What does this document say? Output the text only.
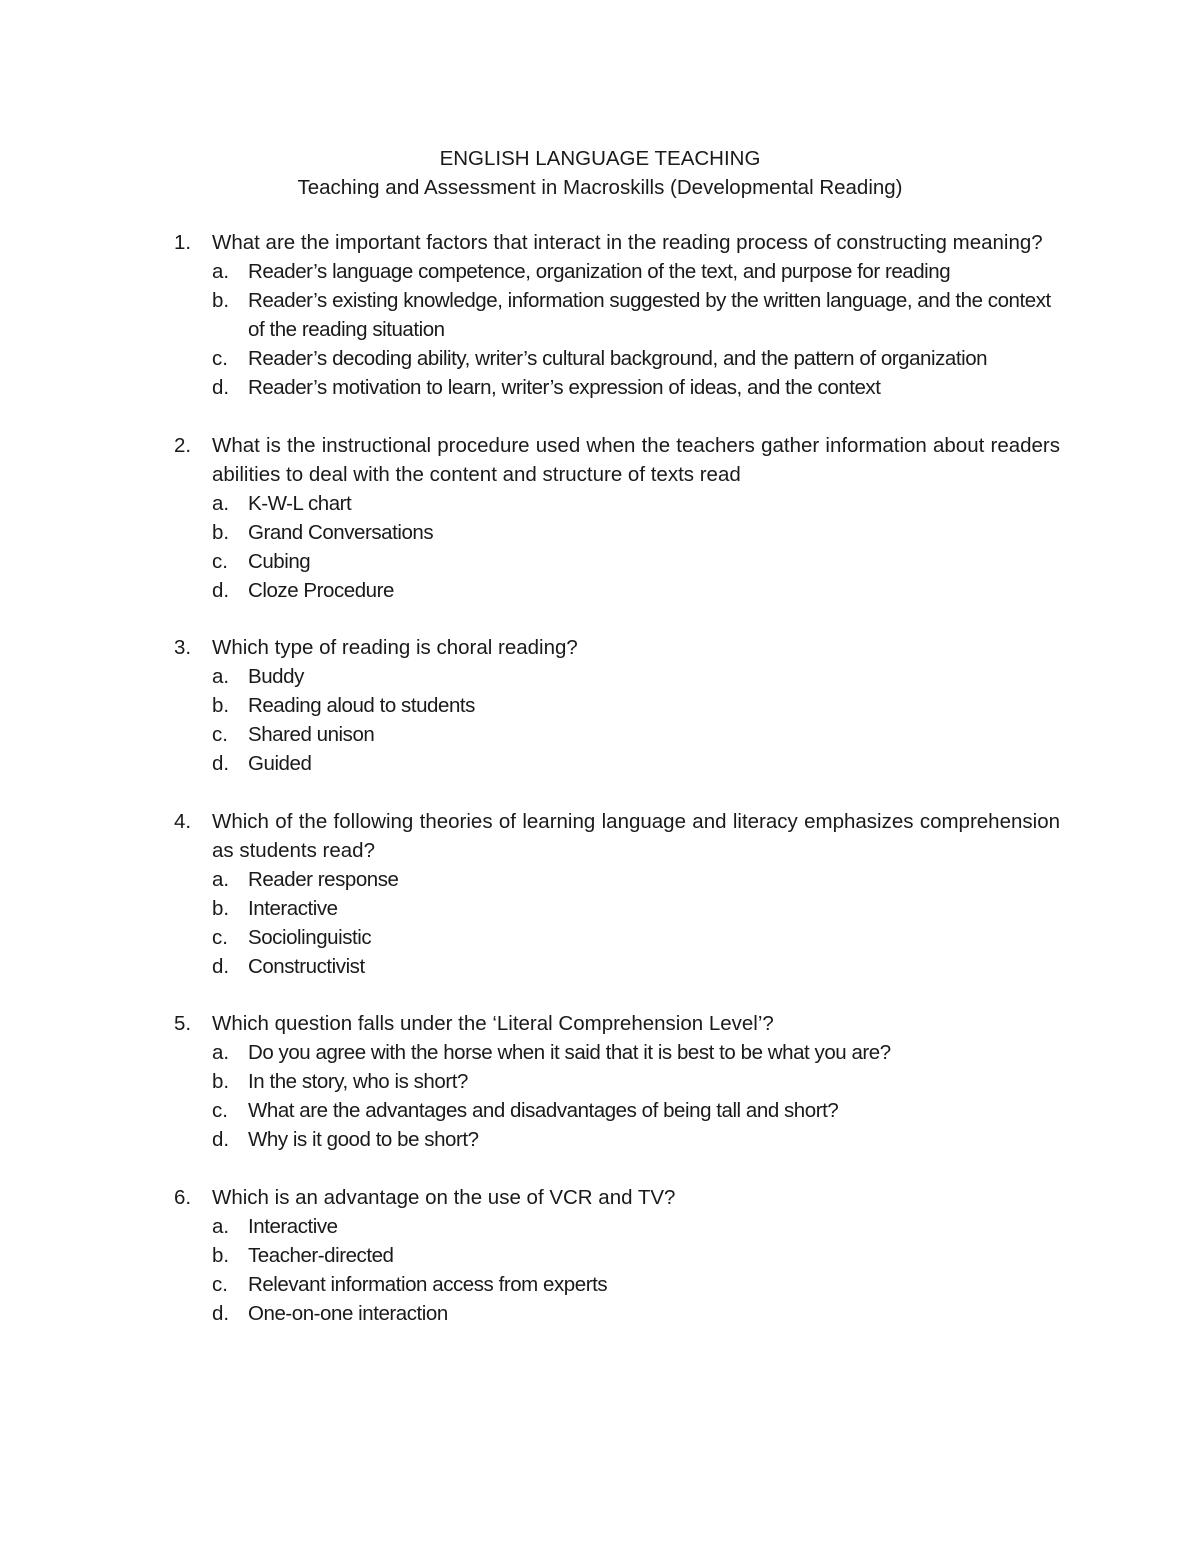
ENGLISH LANGUAGE TEACHING
Teaching and Assessment in Macroskills (Developmental Reading)
1. What are the important factors that interact in the reading process of constructing meaning?

a. Reader’s language competence, organization of the text, and purpose for reading
b. Reader’s existing knowledge, information suggested by the written language, and the context of the reading situation
c. Reader’s decoding ability, writer’s cultural background, and the pattern of organization
d. Reader’s motivation to learn, writer’s expression of ideas, and the context
2. What is the instructional procedure used when the teachers gather information about readers abilities to deal with the content and structure of texts read

a. K-W-L chart
b. Grand Conversations
c. Cubing
d. Cloze Procedure
3. Which type of reading is choral reading?

a. Buddy
b. Reading aloud to students
c. Shared unison
d. Guided
4. Which of the following theories of learning language and literacy emphasizes comprehension as students read?

a. Reader response
b. Interactive
c. Sociolinguistic
d. Constructivist
5. Which question falls under the ‘Literal Comprehension Level’?

a. Do you agree with the horse when it said that it is best to be what you are?
b. In the story, who is short?
c. What are the advantages and disadvantages of being tall and short?
d. Why is it good to be short?
6. Which is an advantage on the use of VCR and TV?

a. Interactive
b. Teacher-directed
c. Relevant information access from experts
d. One-on-one interaction
